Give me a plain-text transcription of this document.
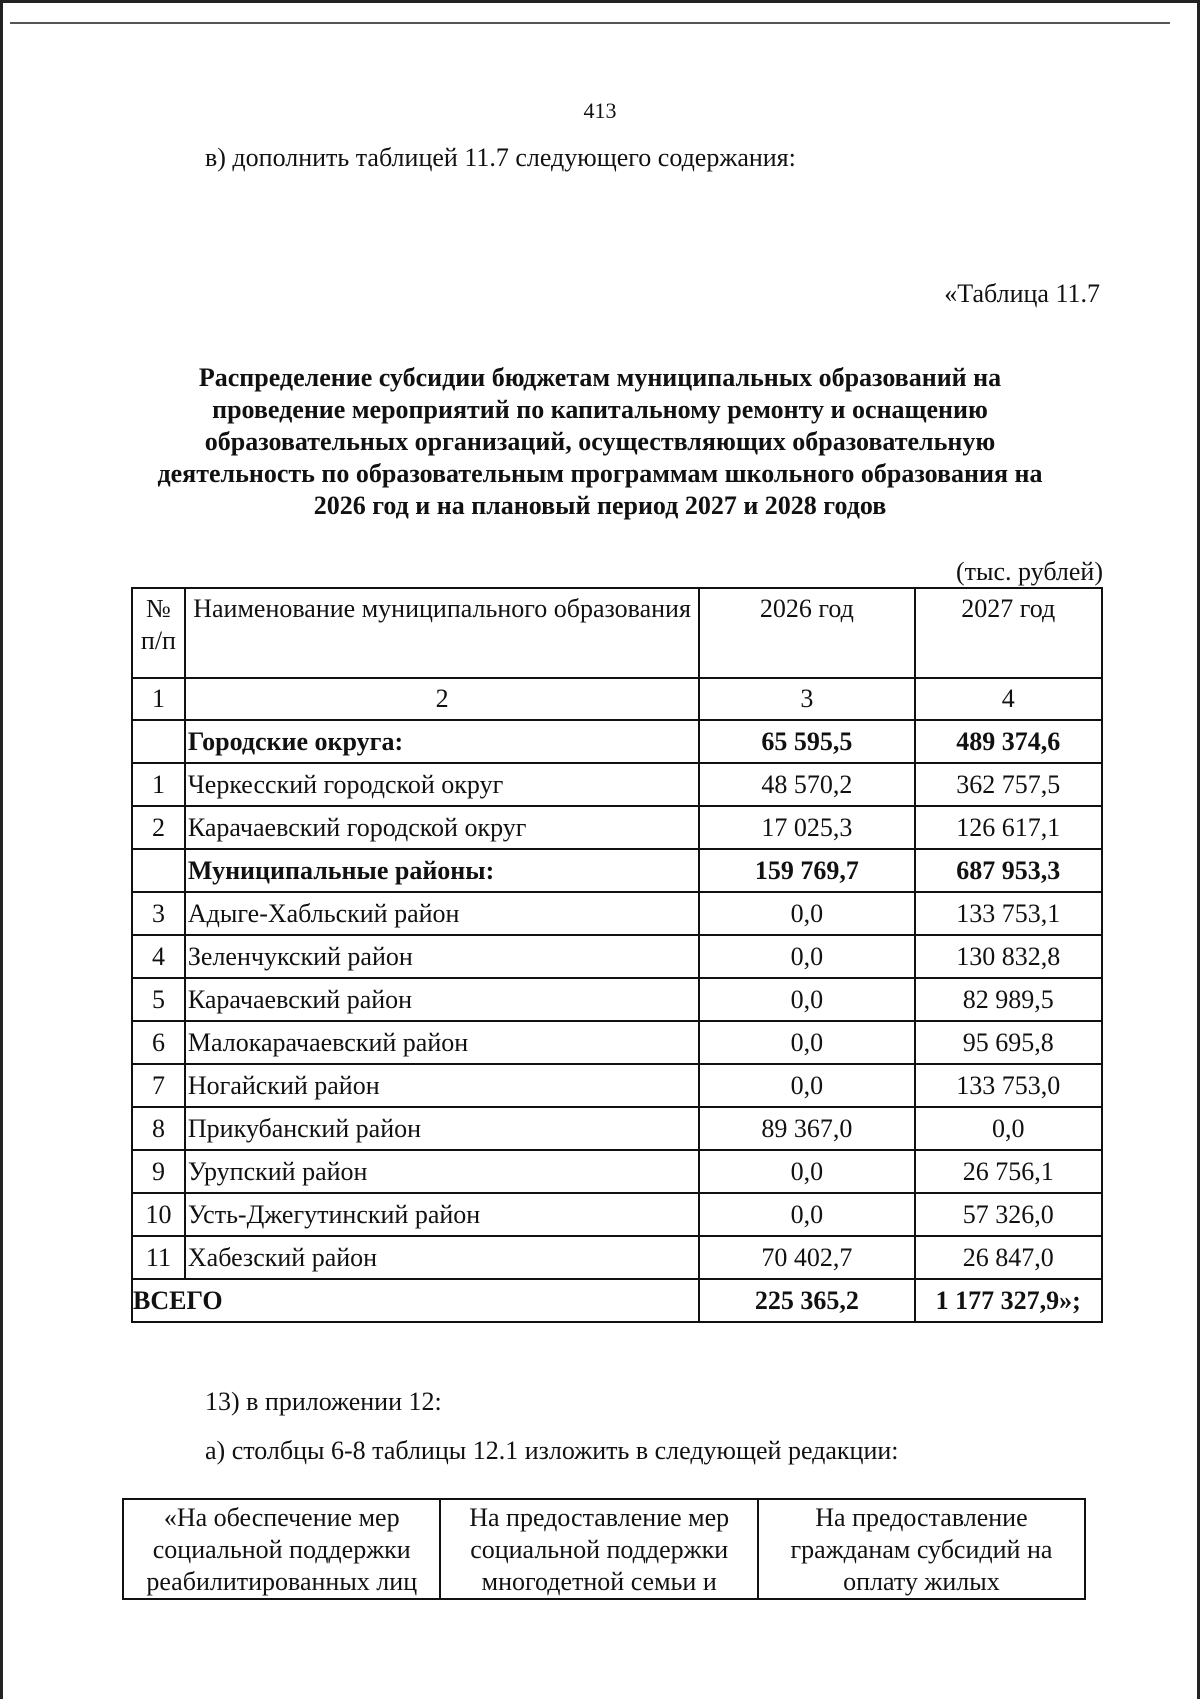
413
в) дополнить таблицей 11.7 следующего содержания:
«Таблица 11.7
Распределение субсидии бюджетам муниципальных образований на
проведение мероприятий по капитальному ремонту и оснащению
образовательных организаций, осуществляющих образовательную
деятельность по образовательным программам школьного образования на
2026 год и на плановый период 2027 и 2028 годов
(тыс. рублей)
№
п/п	Наименование муниципального образования	2026 год	2027 год
1	2	3	4
	Городские округа:	65 595,5	489 374,6
1	Черкесский городской округ	48 570,2	362 757,5
2	Карачаевский городской округ	17 025,3	126 617,1
	Муниципальные районы:	159 769,7	687 953,3
3	Адыге-Хабльский район	0,0	133 753,1
4	Зеленчукский район	0,0	130 832,8
5	Карачаевский район	0,0	82 989,5
6	Малокарачаевский район	0,0	95 695,8
7	Ногайский район	0,0	133 753,0
8	Прикубанский район	89 367,0	0,0
9	Урупский район	0,0	26 756,1
10	Усть-Джегутинский район	0,0	57 326,0
11	Хабезский район	70 402,7	26 847,0
ВСЕГО		225 365,2	1 177 327,9»;
13) в приложении 12:
а) столбцы 6-8 таблицы 12.1 изложить в следующей редакции:
«На обеспечение мер
социальной поддержки
реабилитированных лиц

На предоставление мер
социальной поддержки
многодетной семьи и

На предоставление
гражданам субсидий на
оплату жилых
